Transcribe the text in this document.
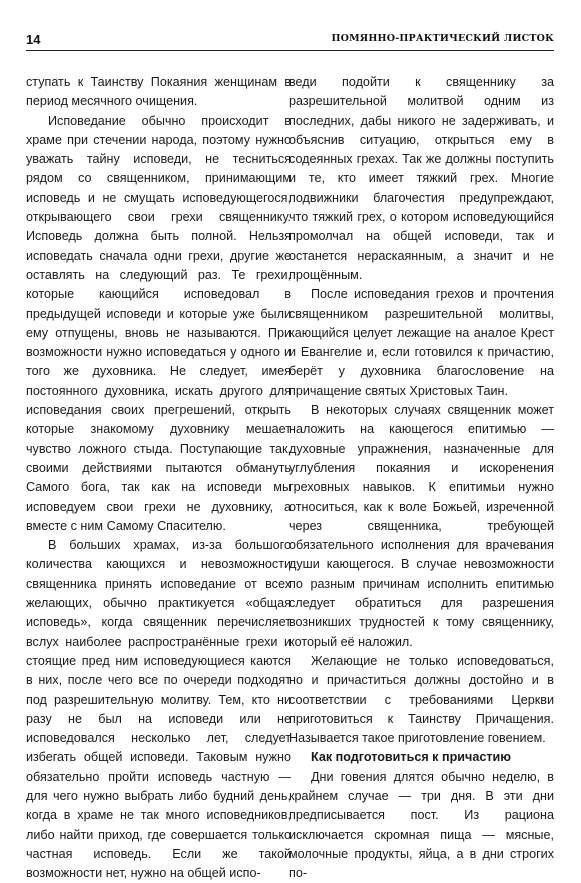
14	ПОМЯННО-ПРАКТИЧЕСКИЙ ЛИСТОК

ступать к Таинству Покаяния женщинам в период месячного очищения.

Исповедание обычно происходит в храме при стечении народа, поэтому нужно уважать тайну исповеди, не тесниться рядом со священником, принимающим исповедь и не смущать исповедующегося, открывающего свои грехи священнику. Исповедь должна быть полной. Нельзя исповедать сначала одни грехи, другие же оставлять на следующий раз. Те грехи, которые кающийся исповедовал в предыдущей исповеди и которые уже были ему отпущены, вновь не называются. При возможности нужно исповедаться у одного и того же духовника. Не следует, имея постоянного духовника, искать другого для исповедания своих прегрешений, открыть которые знакомому духовнику мешает чувство ложного стыда. Поступающие так, своими действиями пытаются обмануть Самого бога, так как на исповеди мы исповедуем свои грехи не духовнику, а вместе с ним Самому Спасителю.

В больших храмах, из-за большого количества кающихся и невозможности священника принять исповедание от всех желающих, обычно практикуется «общая исповедь», когда священник перечисляет вслух наиболее распространённые грехи и стоящие пред ним исповедующиеся каются в них, после чего все по очереди подходят под разрешительную молитву. Тем, кто ни разу не был на исповеди или не исповедовался несколько лет, следует избегать общей исповеди. Таковым нужно обязательно пройти исповедь частную — для чего нужно выбрать либо будний день, когда в храме не так много исповедников, либо найти приход, где совершается только частная исповедь. Если же такой возможности нет, нужно на общей испо-

веди подойти к священнику за разрешительной молитвой одним из последних, дабы никого не задерживать, и объяснив ситуацию, открыться ему в содеянных грехах. Так же должны поступить и те, кто имеет тяжкий грех. Многие подвижники благочестия предупреждают, что тяжкий грех, о котором исповедующийся промолчал на общей исповеди, так и останется нераскаянным, а значит и не прощённым.

После исповедания грехов и прочтения священником разрешительной молитвы, кающийся целует лежащие на аналое Крест и Евангелие и, если готовился к причастию, берёт у духовника благословение на причащение святых Христовых Таин.

В некоторых случаях священник может наложить на кающегося епитимью — духовные упражнения, назначенные для углубления покаяния и искоренения греховных навыков. К епитимьи нужно относиться, как к воле Божьей, изреченной через священника, требующей обязательного исполнения для врачевания души кающегося. В случае невозможности по разным причинам исполнить епитимью следует обратиться для разрешения возникших трудностей к тому священнику, который её наложил.

Желающие не только исповедоваться, но и причаститься должны достойно и в соответствии с требованиями Церкви приготовиться к Таинству Причащения. Называется такое приготовление говением.

Как подготовиться к причастию

Дни говения длятся обычно неделю, в крайнем случае — три дня. В эти дни предписывается пост. Из рациона исключается скромная пища — мясные, молочные продукты, яйца, а в дни строгих по-
